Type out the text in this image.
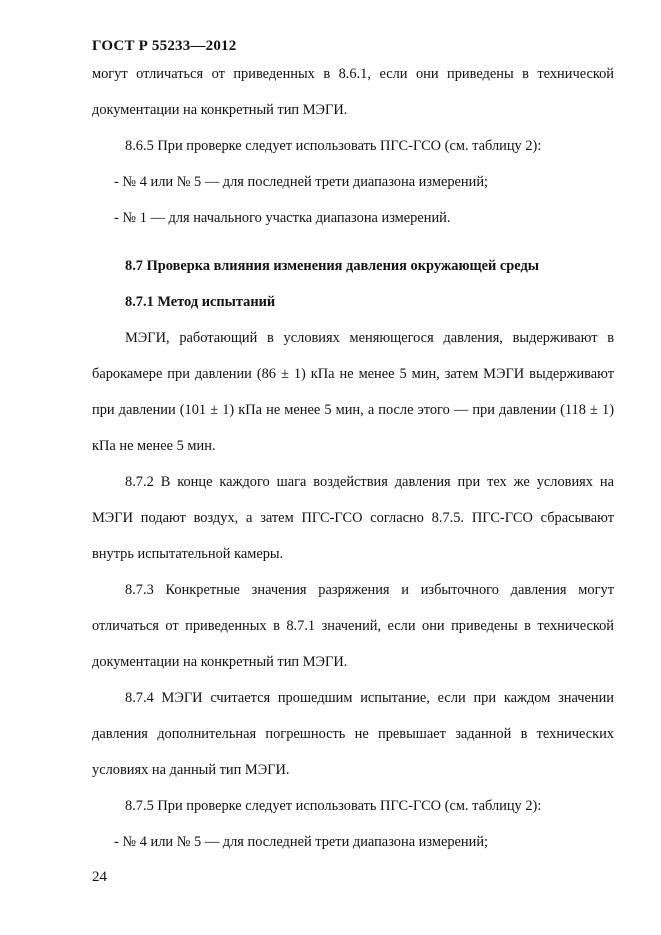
ГОСТ Р 55233—2012

могут отличаться от приведенных в 8.6.1, если они приведены в технической документации на конкретный тип МЭГИ.

8.6.5 При проверке следует использовать ПГС-ГСО (см. таблицу 2):

- № 4 или № 5 — для последней трети диапазона измерений;

- № 1 — для начального участка диапазона измерений.

8.7 Проверка влияния изменения давления окружающей среды

8.7.1 Метод испытаний

МЭГИ, работающий в условиях меняющегося давления, выдерживают в барокамере при давлении (86 ± 1) кПа не менее 5 мин, затем МЭГИ выдерживают при давлении (101 ± 1) кПа не менее 5 мин, а после этого — при давлении (118 ± 1) кПа не менее 5 мин.

8.7.2 В конце каждого шага воздействия давления при тех же условиях на МЭГИ подают воздух, а затем ПГС-ГСО согласно 8.7.5. ПГС-ГСО сбрасывают внутрь испытательной камеры.

8.7.3 Конкретные значения разряжения и избыточного давления могут отличаться от приведенных в 8.7.1 значений, если они приведены в технической документации на конкретный тип МЭГИ.

8.7.4 МЭГИ считается прошедшим испытание, если при каждом значении давления дополнительная погрешность не превышает заданной в технических условиях на данный тип МЭГИ.

8.7.5 При проверке следует использовать ПГС-ГСО (см. таблицу 2):

- № 4 или № 5 — для последней трети диапазона измерений;

24
